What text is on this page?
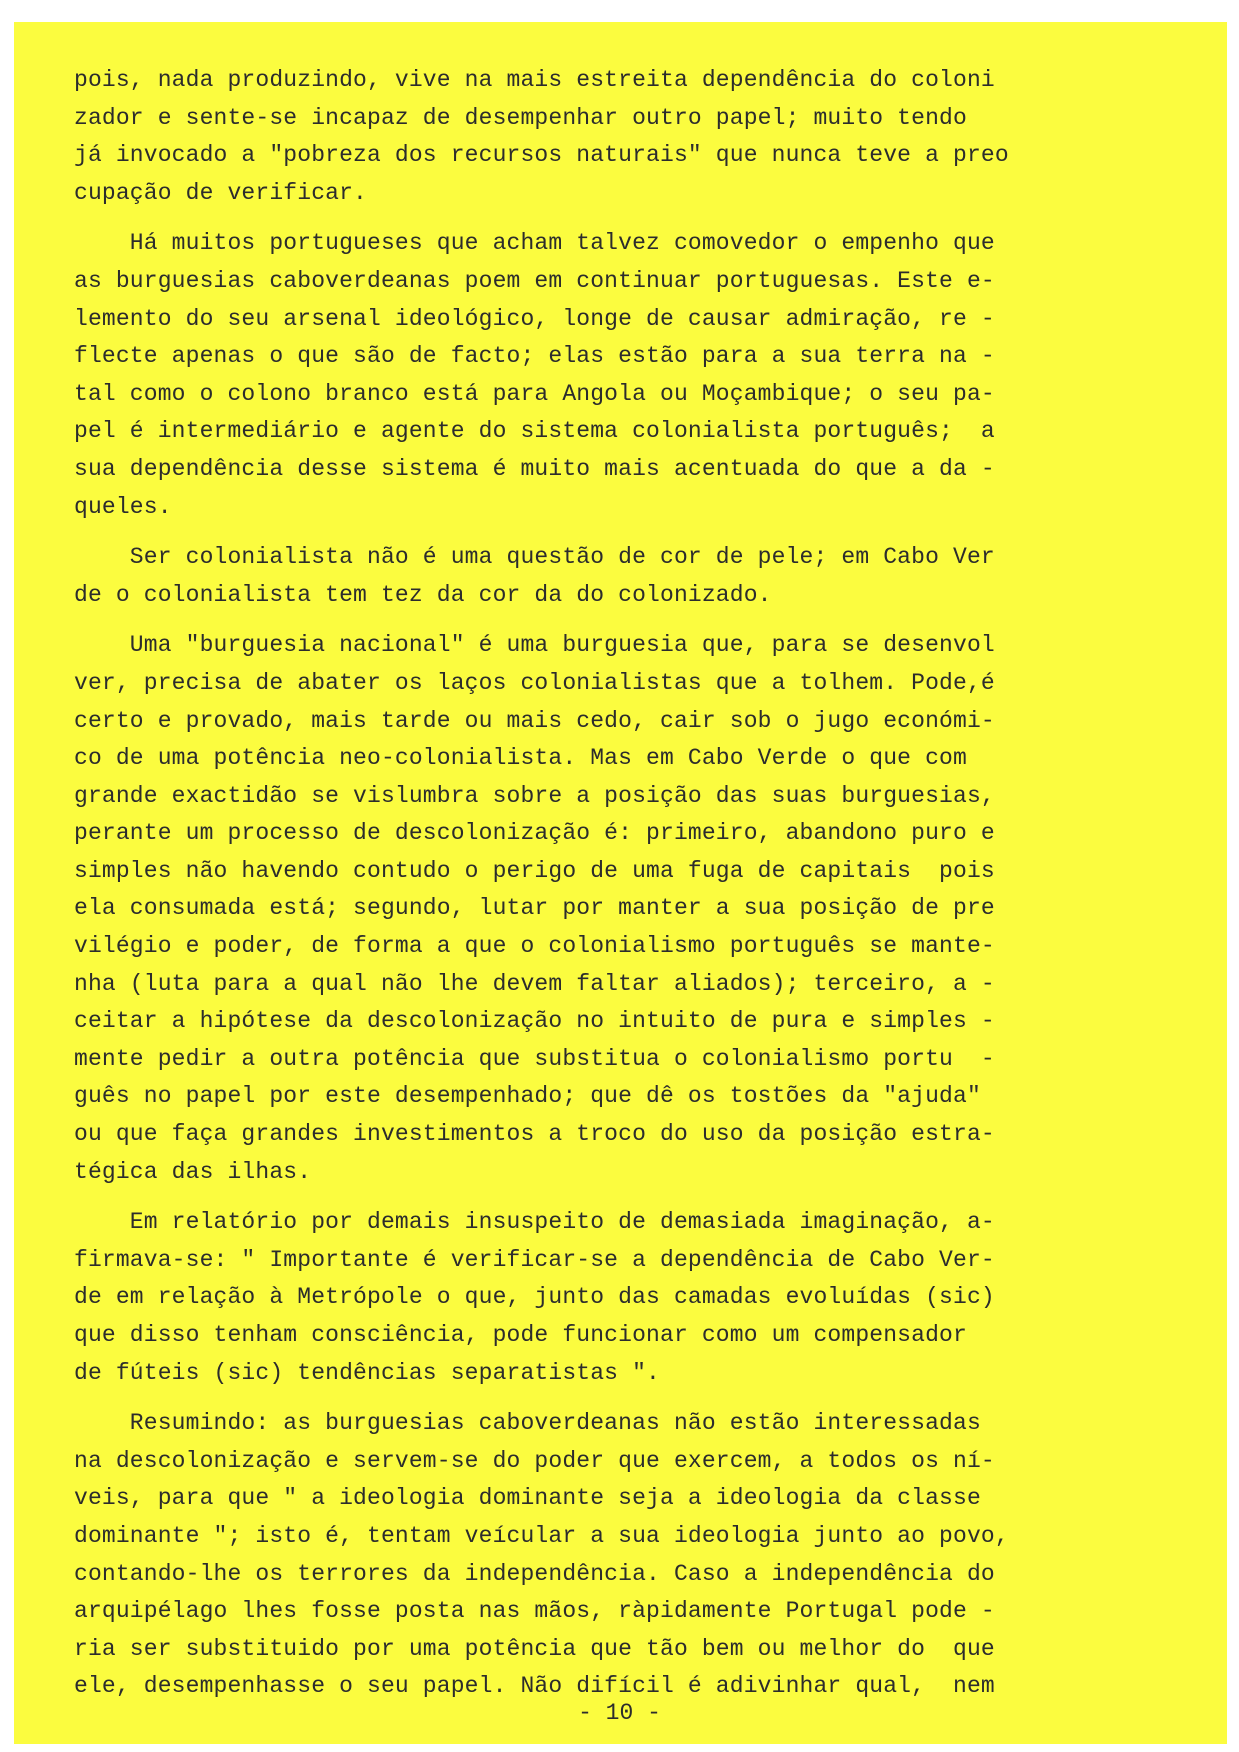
pois, nada produzindo, vive na mais estreita dependência do coloni
zador e sente-se incapaz de desempenhar outro papel; muito tendo
já invocado a "pobreza dos recursos naturais" que nunca teve a preo
cupação de verificar.
Há muitos portugueses que acham talvez comovedor o empenho que
as burguesias caboverdeanas poem em continuar portuguesas. Este e-
lemento do seu arsenal ideológico, longe de causar admiração, re -
flecte apenas o que são de facto; elas estão para a sua terra na -
tal como o colono branco está para Angola ou Moçambique; o seu pa-
pel é intermediário e agente do sistema colonialista português;  a
sua dependência desse sistema é muito mais acentuada do que a da -
queles.
Ser colonialista não é uma questão de cor de pele; em Cabo Ver
de o colonialista tem tez da cor da do colonizado.
Uma "burguesia nacional" é uma burguesia que, para se desenvol
ver, precisa de abater os laços colonialistas que a tolhem. Pode,é
certo e provado, mais tarde ou mais cedo, cair sob o jugo económi-
co de uma potência neo-colonialista. Mas em Cabo Verde o que com
grande exactidão se vislumbra sobre a posição das suas burguesias,
perante um processo de descolonização é: primeiro, abandono puro e
simples não havendo contudo o perigo de uma fuga de capitais  pois
ela consumada está; segundo, lutar por manter a sua posição de pre
vilégio e poder, de forma a que o colonialismo português se mante-
nha (luta para a qual não lhe devem faltar aliados); terceiro, a -
ceitar a hipótese da descolonização no intuito de pura e simples -
mente pedir a outra potência que substitua o colonialismo portu  -
guês no papel por este desempenhado; que dê os tostões da "ajuda"
ou que faça grandes investimentos a troco do uso da posição estra-
tégica das ilhas.
Em relatório por demais insuspeito de demasiada imaginação, a-
firmava-se: " Importante é verificar-se a dependência de Cabo Ver-
de em relação à Metrópole o que, junto das camadas evoluídas (sic)
que disso tenham consciência, pode funcionar como um compensador
de fúteis (sic) tendências separatistas ".
Resumindo: as burguesias caboverdeanas não estão interessadas
na descolonização e servem-se do poder que exercem, a todos os ní-
veis, para que " a ideologia dominante seja a ideologia da classe
dominante "; isto é, tentam veícular a sua ideologia junto ao povo,
contando-lhe os terrores da independência. Caso a independência do
arquipélago lhes fosse posta nas mãos, ràpidamente Portugal pode -
ria ser substituido por uma potência que tão bem ou melhor do  que
ele, desempenhasse o seu papel. Não difícil é adivinhar qual,  nem
- 10 -
